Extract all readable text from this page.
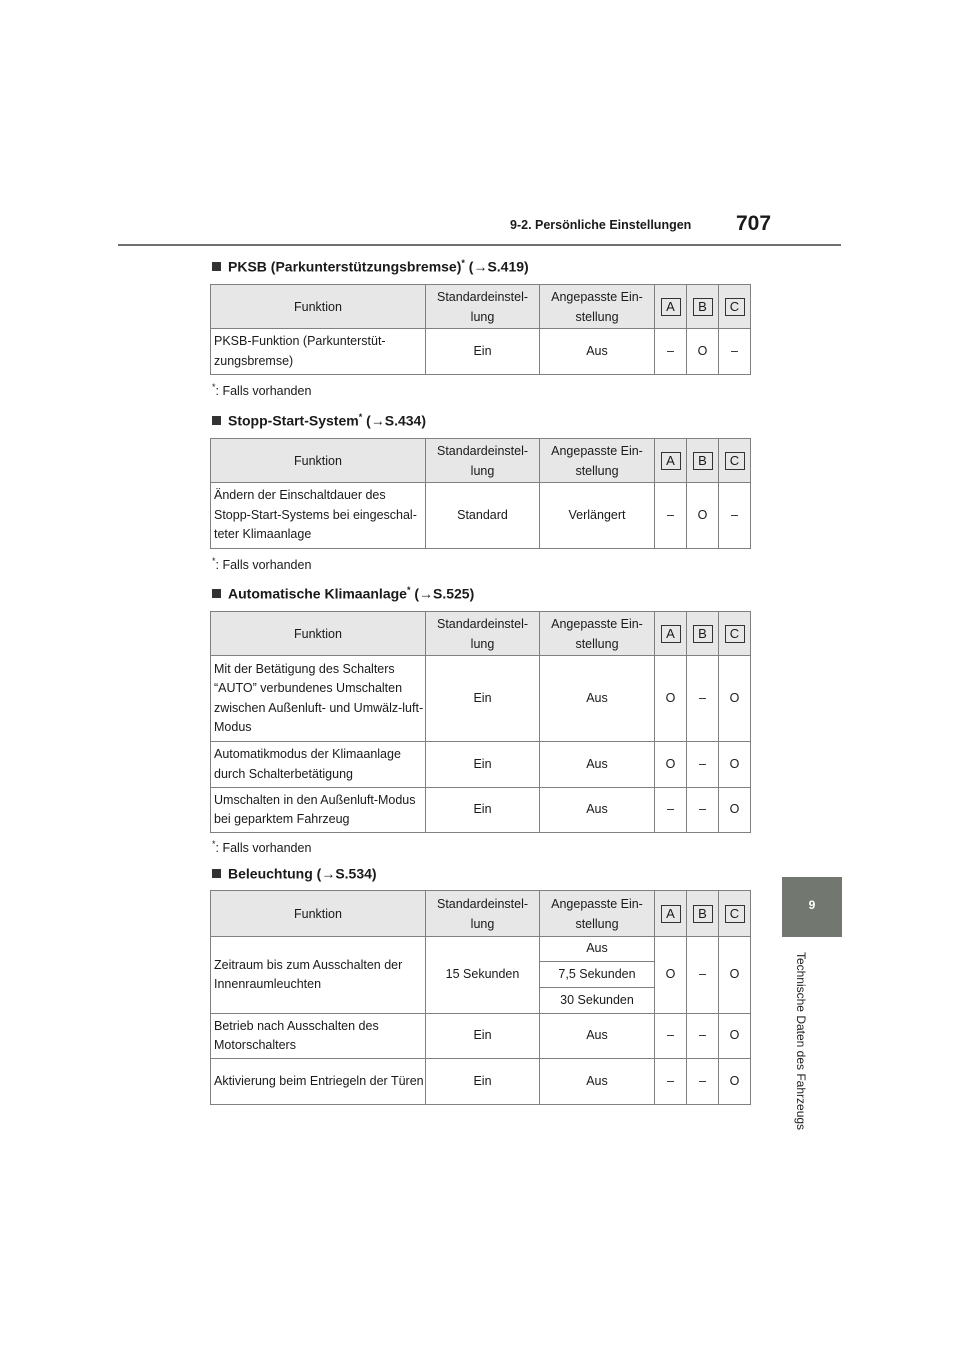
9-2. Persönliche Einstellungen 707
9
Technische Daten des Fahrzeugs
PKSB (Parkunterstützungsbremse)* (→S.419)
Funktion	Standardeinstel-lung	Angepasste Ein-stellung	A	B	C
PKSB-Funktion (Parkunterstüt-zungsbremse)	Ein	Aus	–	O	–
*: Falls vorhanden
Stopp-Start-System* (→S.434)
Funktion	Standardeinstel-lung	Angepasste Ein-stellung	A	B	C
Ändern der Einschaltdauer des Stopp-Start-Systems bei eingeschal-teter Klimaanlage	Standard	Verlängert	–	O	–
*: Falls vorhanden
Automatische Klimaanlage* (→S.525)
Funktion	Standardeinstel-lung	Angepasste Ein-stellung	A	B	C
Mit der Betätigung des Schalters “AUTO” verbundenes Umschalten zwischen Außenluft- und Umwälz-luft-Modus	Ein	Aus	O	–	O
Automatikmodus der Klimaanlage durch Schalterbetätigung	Ein	Aus	O	–	O
Umschalten in den Außenluft-Modus bei geparktem Fahrzeug	Ein	Aus	–	–	O
*: Falls vorhanden
Beleuchtung (→S.534)
Funktion	Standardeinstel-lung	Angepasste Ein-stellung	A	B	C
Zeitraum bis zum Ausschalten der Innenraumleuchten	15 Sekunden	Aus	O	–	O
		7,5 Sekunden			
		30 Sekunden			
Betrieb nach Ausschalten des Motorschalters	Ein	Aus	–	–	O
Aktivierung beim Entriegeln der Türen	Ein	Aus	–	–	O
